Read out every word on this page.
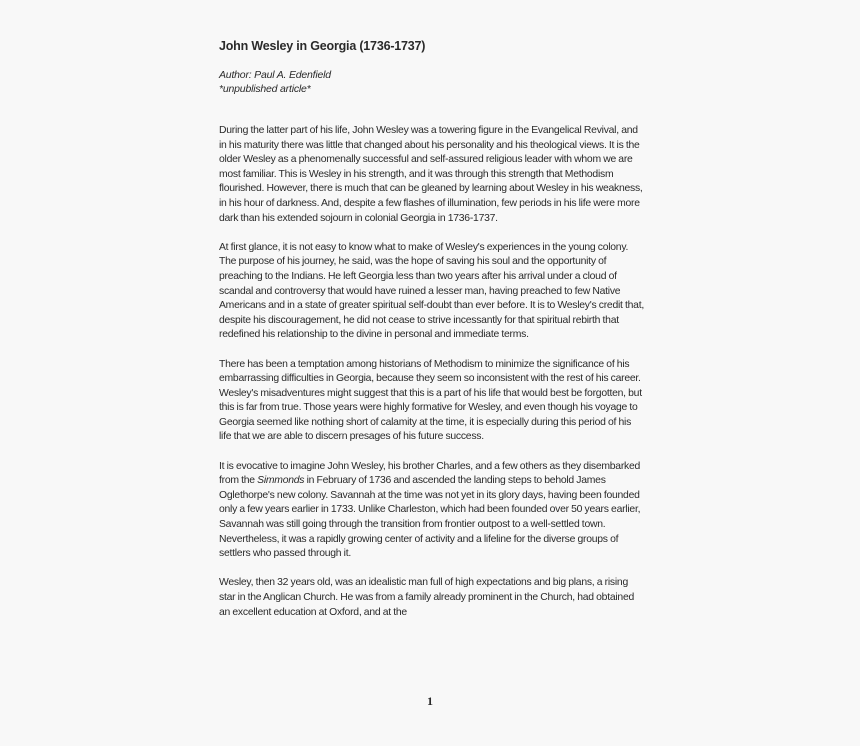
John Wesley in Georgia (1736-1737)
Author: Paul A. Edenfield
*unpublished article*

During the latter part of his life, John Wesley was a towering figure in the Evangelical Revival, and in his maturity there was little that changed about his personality and his theological views. It is the older Wesley as a phenomenally successful and self-assured religious leader with whom we are most familiar. This is Wesley in his strength, and it was through this strength that Methodism flourished. However, there is much that can be gleaned by learning about Wesley in his weakness, in his hour of darkness. And, despite a few flashes of illumination, few periods in his life were more dark than his extended sojourn in colonial Georgia in 1736-1737.

At first glance, it is not easy to know what to make of Wesley's experiences in the young colony. The purpose of his journey, he said, was the hope of saving his soul and the opportunity of preaching to the Indians. He left Georgia less than two years after his arrival under a cloud of scandal and controversy that would have ruined a lesser man, having preached to few Native Americans and in a state of greater spiritual self-doubt than ever before. It is to Wesley's credit that, despite his discouragement, he did not cease to strive incessantly for that spiritual rebirth that redefined his relationship to the divine in personal and immediate terms.

There has been a temptation among historians of Methodism to minimize the significance of his embarrassing difficulties in Georgia, because they seem so inconsistent with the rest of his career. Wesley's misadventures might suggest that this is a part of his life that would best be forgotten, but this is far from true. Those years were highly formative for Wesley, and even though his voyage to Georgia seemed like nothing short of calamity at the time, it is especially during this period of his life that we are able to discern presages of his future success.

It is evocative to imagine John Wesley, his brother Charles, and a few others as they disembarked from the Simmonds in February of 1736 and ascended the landing steps to behold James Oglethorpe's new colony. Savannah at the time was not yet in its glory days, having been founded only a few years earlier in 1733. Unlike Charleston, which had been founded over 50 years earlier, Savannah was still going through the transition from frontier outpost to a well-settled town. Nevertheless, it was a rapidly growing center of activity and a lifeline for the diverse groups of settlers who passed through it.

Wesley, then 32 years old, was an idealistic man full of high expectations and big plans, a rising star in the Anglican Church. He was from a family already prominent in the Church, had obtained an excellent education at Oxford, and at the

1
